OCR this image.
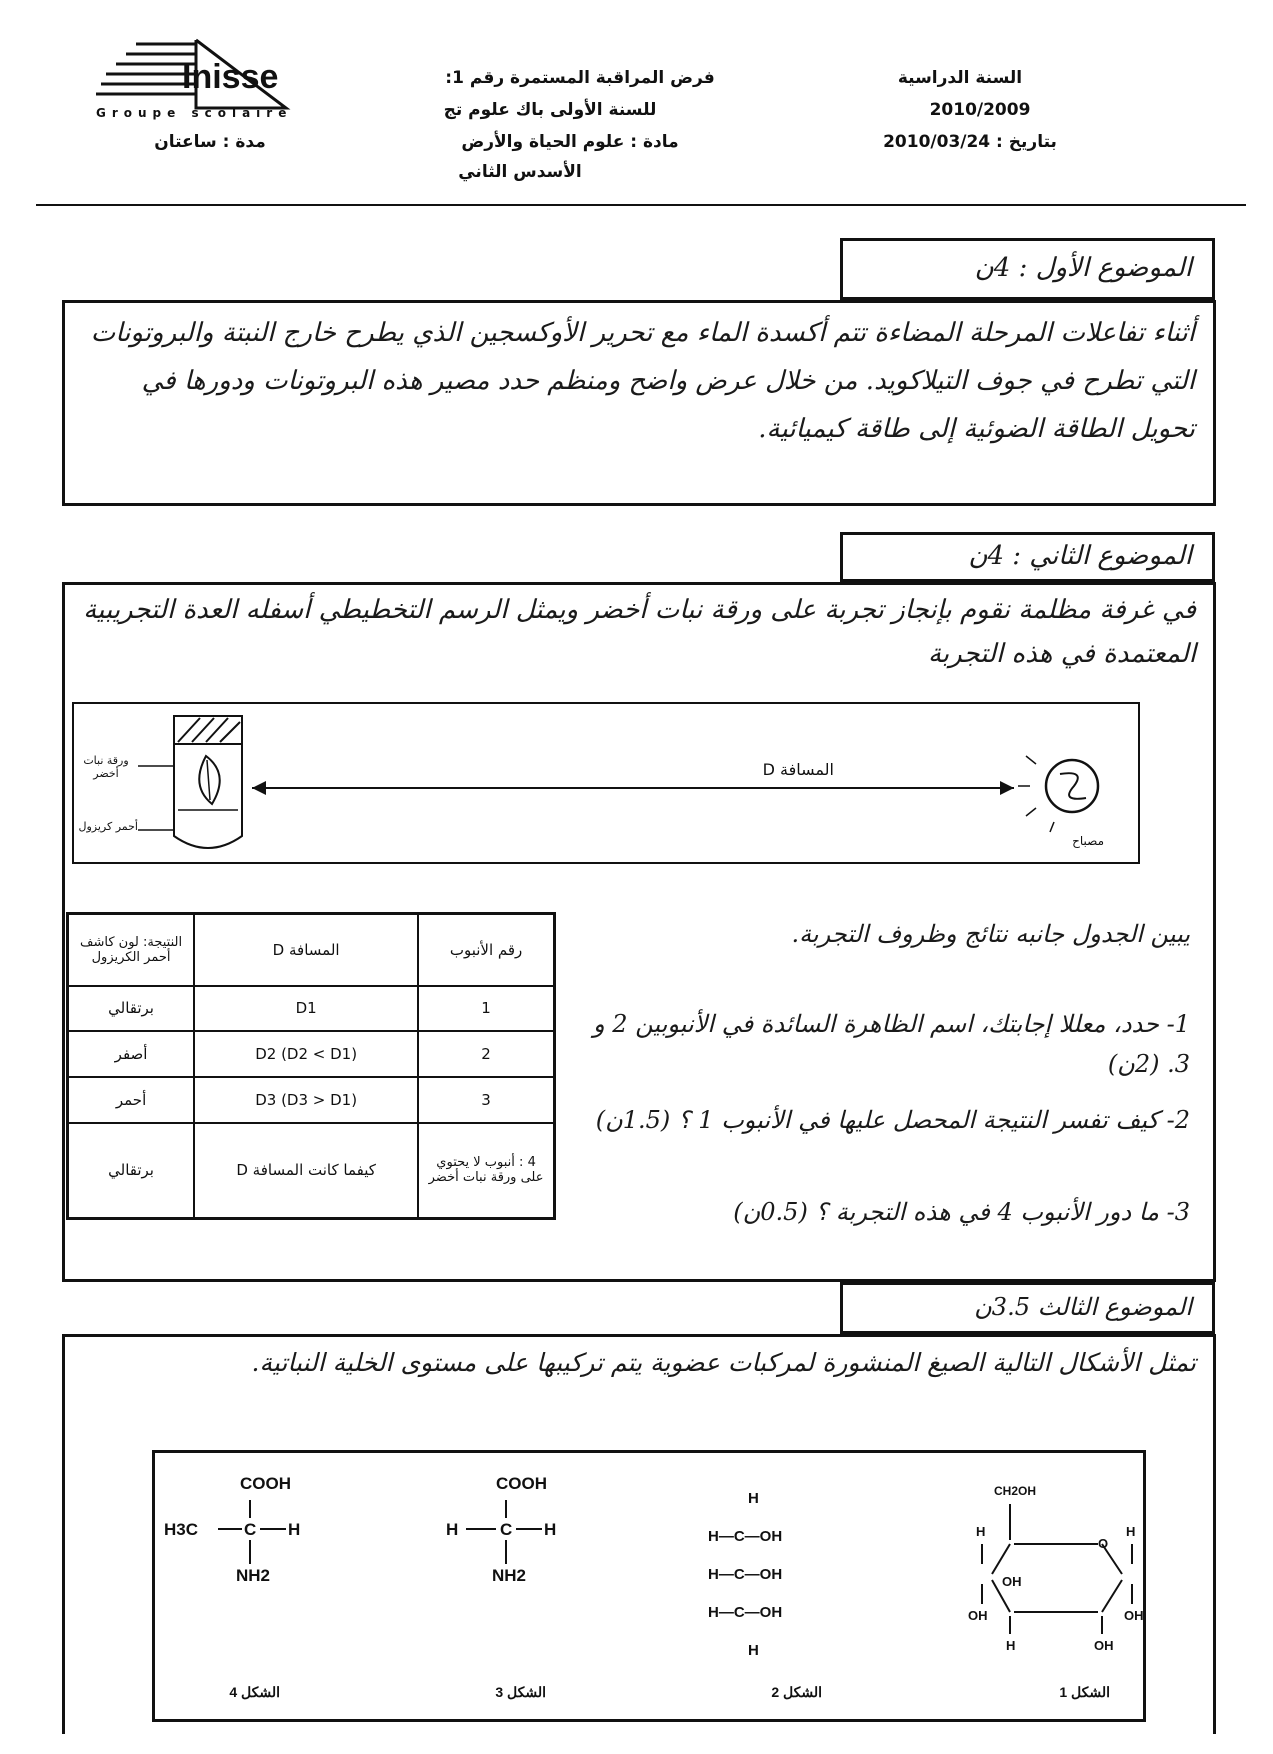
Inisse
Groupe scolaire
فرض المراقبة المستمرة رقم 1:
للسنة الأولى باك علوم تج
مادة : علوم الحياة والأرض
الأسدس الثاني
السنة الدراسية
2010/2009
بتاريخ : 2010/03/24
مدة : ساعتان
الموضوع الأول : 4ن
أثناء تفاعلات المرحلة المضاءة تتم أكسدة الماء مع تحرير الأوكسجين الذي يطرح خارج النبتة والبروتونات التي تطرح في جوف التيلاكويد. من خلال عرض واضح ومنظم حدد مصير هذه البروتونات ودورها في تحويل الطاقة الضوئية إلى طاقة كيميائية.
الموضوع الثاني : 4ن
في غرفة مظلمة نقوم بإنجاز تجربة على ورقة نبات أخضر ويمثل الرسم التخطيطي أسفله العدة التجريبية المعتمدة في هذه التجربة
ورقة نبات أخضر
أحمر كريزول
المسافة D
مصباح
رقم الأنبوب	المسافة D	النتيجة: لون كاشف أحمر الكريزول
1	D1	برتقالي
2	D2 (D2 < D1)	أصفر
3	D3 (D3 > D1)	أحمر
4 : أنبوب لا يحتوي على ورقة نبات أخضر	كيفما كانت المسافة D	برتقالي
يبين الجدول جانبه نتائج وظروف التجربة.
1- حدد، معللا إجابتك، اسم الظاهرة السائدة في الأنبوبين 2 و 3. (2ن)
2- كيف تفسر النتيجة المحصل عليها في الأنبوب 1 ؟ (1.5ن)
3- ما دور الأنبوب 4 في هذه التجربة ؟ (0.5ن)
الموضوع الثالث 3.5ن
تمثل الأشكال التالية الصيغ المنشورة لمركبات عضوية يتم تركيبها على مستوى الخلية النباتية.
COOH
H3C	C H
NH2
COOH
H C H
NH2
H
H—C—OH
H—C—OH
H—C—OH
H
CH2OH
O
OH
OH	OH
OH
H	H
H
الشكل 4	الشكل 3	الشكل 2	الشكل 1
